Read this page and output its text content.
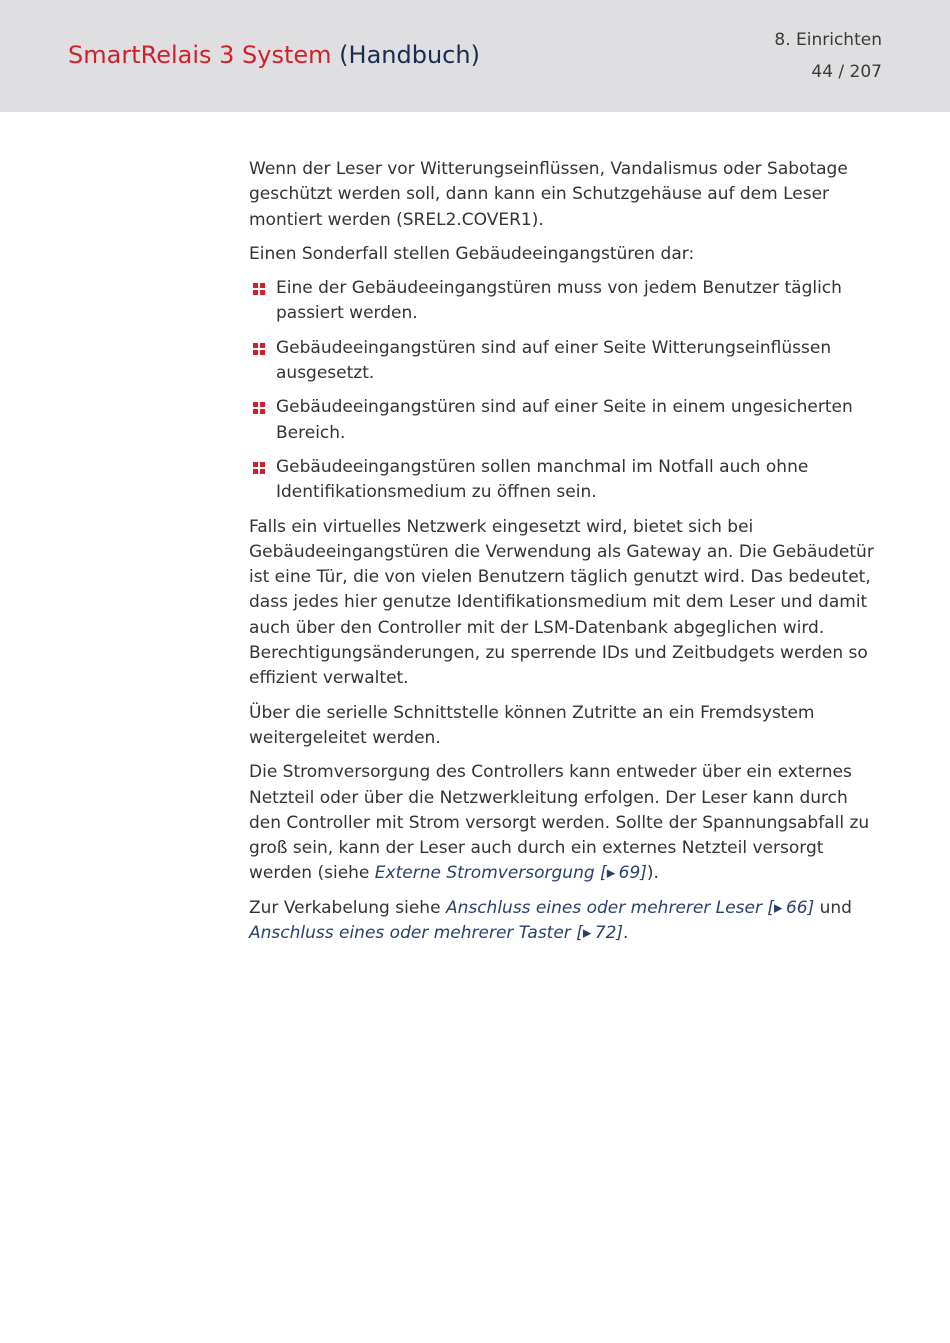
SmartRelais 3 System (Handbuch)
8. Einrichten
44 / 207

Wenn der Leser vor Witterungseinflüssen, Vandalismus oder Sabotage geschützt werden soll, dann kann ein Schutzgehäuse auf dem Leser montiert werden (SREL2.COVER1).

Einen Sonderfall stellen Gebäudeeingangstüren dar:

Eine der Gebäudeeingangstüren muss von jedem Benutzer täglich passiert werden.
Gebäudeeingangstüren sind auf einer Seite Witterungseinflüssen ausgesetzt.
Gebäudeeingangstüren sind auf einer Seite in einem ungesicherten Bereich.
Gebäudeeingangstüren sollen manchmal im Notfall auch ohne Identifikationsmedium zu öffnen sein.

Falls ein virtuelles Netzwerk eingesetzt wird, bietet sich bei Gebäudeeingangstüren die Verwendung als Gateway an. Die Gebäudetür ist eine Tür, die von vielen Benutzern täglich genutzt wird. Das bedeutet, dass jedes hier genutze Identifikationsmedium mit dem Leser und damit auch über den Controller mit der LSM-Datenbank abgeglichen wird. Berechtigungsänderungen, zu sperrende IDs und Zeitbudgets werden so effizient verwaltet.

Über die serielle Schnittstelle können Zutritte an ein Fremdsystem weitergeleitet werden.

Die Stromversorgung des Controllers kann entweder über ein externes Netzteil oder über die Netzwerkleitung erfolgen. Der Leser kann durch den Controller mit Strom versorgt werden. Sollte der Spannungsabfall zu groß sein, kann der Leser auch durch ein externes Netzteil versorgt werden (siehe Externe Stromversorgung [▸  69]).

Zur Verkabelung siehe Anschluss eines oder mehrerer Leser [▸  66] und Anschluss eines oder mehrerer Taster [▸  72].
